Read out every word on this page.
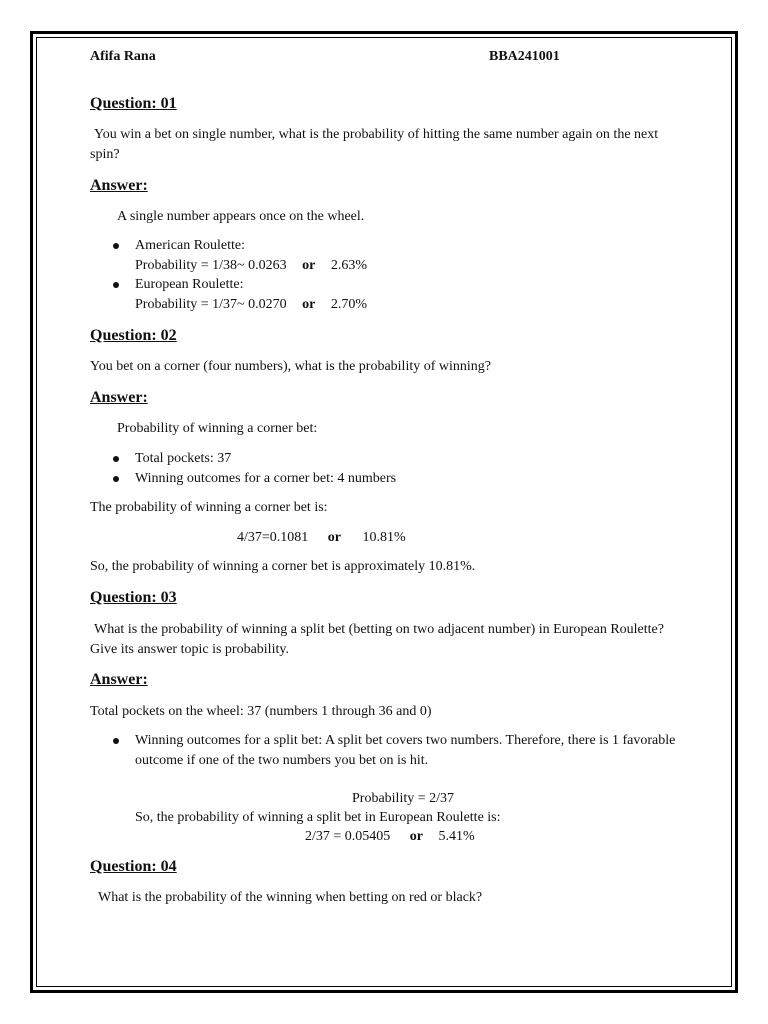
Afifa Rana	BBA241001
Question: 01
You win a bet on single number, what is the probability of hitting the same number again on the next spin?
Answer:
A single number appears once on the wheel.
American Roulette:
Probability = 1/38~ 0.0263 or 2.63%
European Roulette:
Probability = 1/37~ 0.0270 or 2.70%
Question: 02
You bet on a corner (four numbers), what is the probability of winning?
Answer:
Probability of winning a corner bet:
Total pockets: 37
Winning outcomes for a corner bet: 4 numbers
The probability of winning a corner bet is:
4/37=0.1081 or 10.81%
So, the probability of winning a corner bet is approximately 10.81%.
Question: 03
What is the probability of winning a split bet (betting on two adjacent number) in European Roulette? Give its answer topic is probability.
Answer:
Total pockets on the wheel: 37 (numbers 1 through 36 and 0)
Winning outcomes for a split bet: A split bet covers two numbers. Therefore, there is 1 favorable outcome if one of the two numbers you bet on is hit.
Probability = 2/37
So, the probability of winning a split bet in European Roulette is:
2/37 = 0.05405 or 5.41%
Question: 04
What is the probability of the winning when betting on red or black?
